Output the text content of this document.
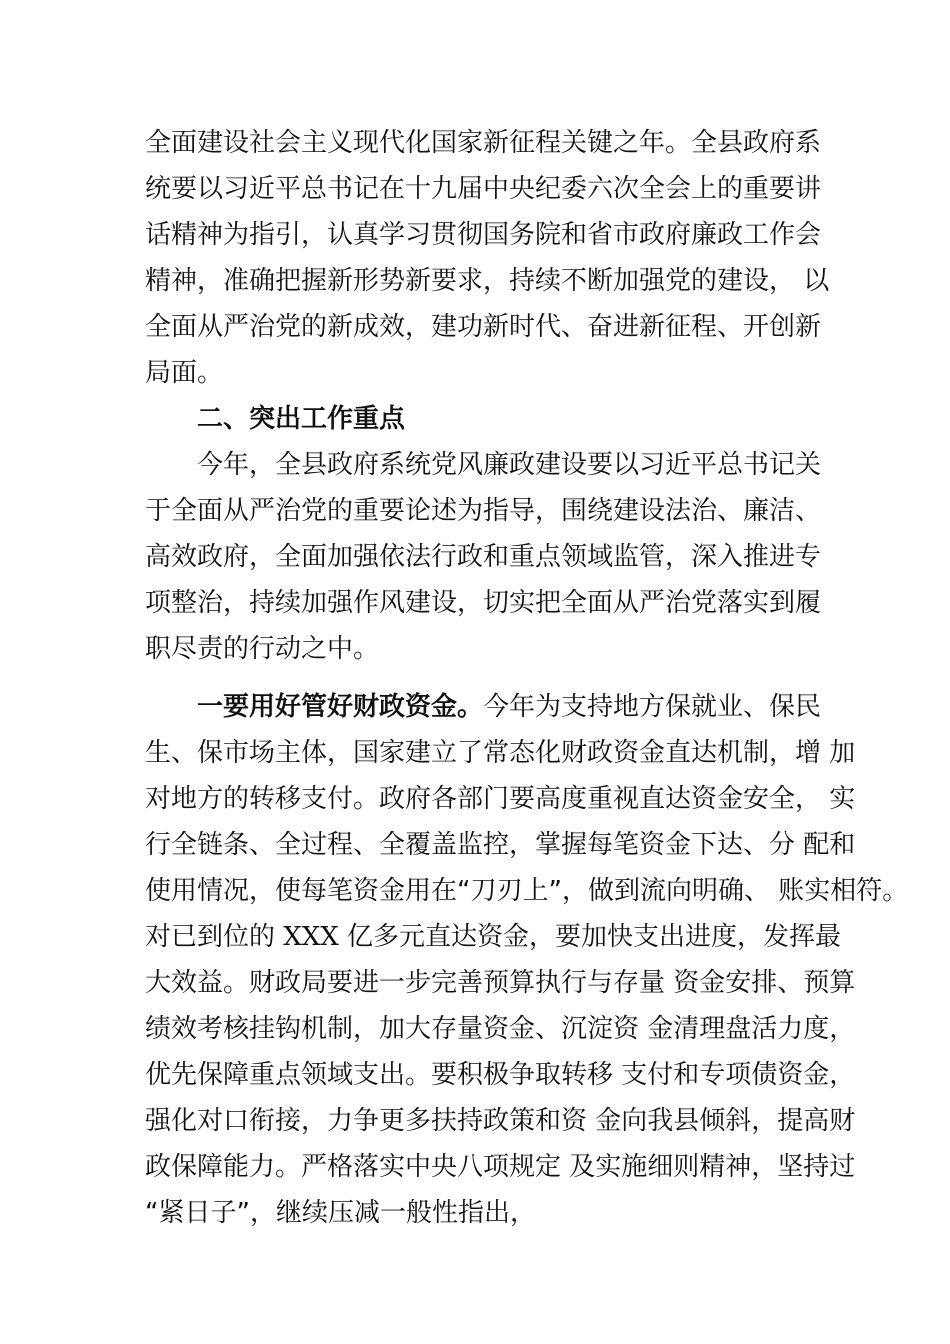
全面建设社会主义现代化国家新征程关键之年。全县政府系
统要以习近平总书记在十九届中央纪委六次全会上的重要讲
话精神为指引，认真学习贯彻国务院和省市政府廉政工作会
精神，准确把握新形势新要求，持续不断加强党的建设， 以
全面从严治党的新成效，建功新时代、奋进新征程、开创新
局面。
二、突出工作重点
今年，全县政府系统党风廉政建设要以习近平总书记关
于全面从严治党的重要论述为指导，围绕建设法治、廉洁、
高效政府，全面加强依法行政和重点领域监管，深入推进专
项整治，持续加强作风建设，切实把全面从严治党落实到履
职尽责的行动之中。
一要用好管好财政资金。今年为支持地方保就业、保民
生、保市场主体，国家建立了常态化财政资金直达机制，增 加
对地方的转移支付。政府各部门要高度重视直达资金安全， 实
行全链条、全过程、全覆盖监控，掌握每笔资金下达、分 配和
使用情况，使每笔资金用在“刀刃上”，做到流向明确、 账实相符。
对已到位的 XXX 亿多元直达资金，要加快支出进度，发挥最
大效益。财政局要进一步完善预算执行与存量 资金安排、预算
绩效考核挂钩机制，加大存量资金、沉淀资 金清理盘活力度，
优先保障重点领域支出。要积极争取转移 支付和专项债资金，
强化对口衔接，力争更多扶持政策和资 金向我县倾斜，提高财
政保障能力。严格落实中央八项规定 及实施细则精神，坚持过
“紧日子”，继续压减一般性指出，
